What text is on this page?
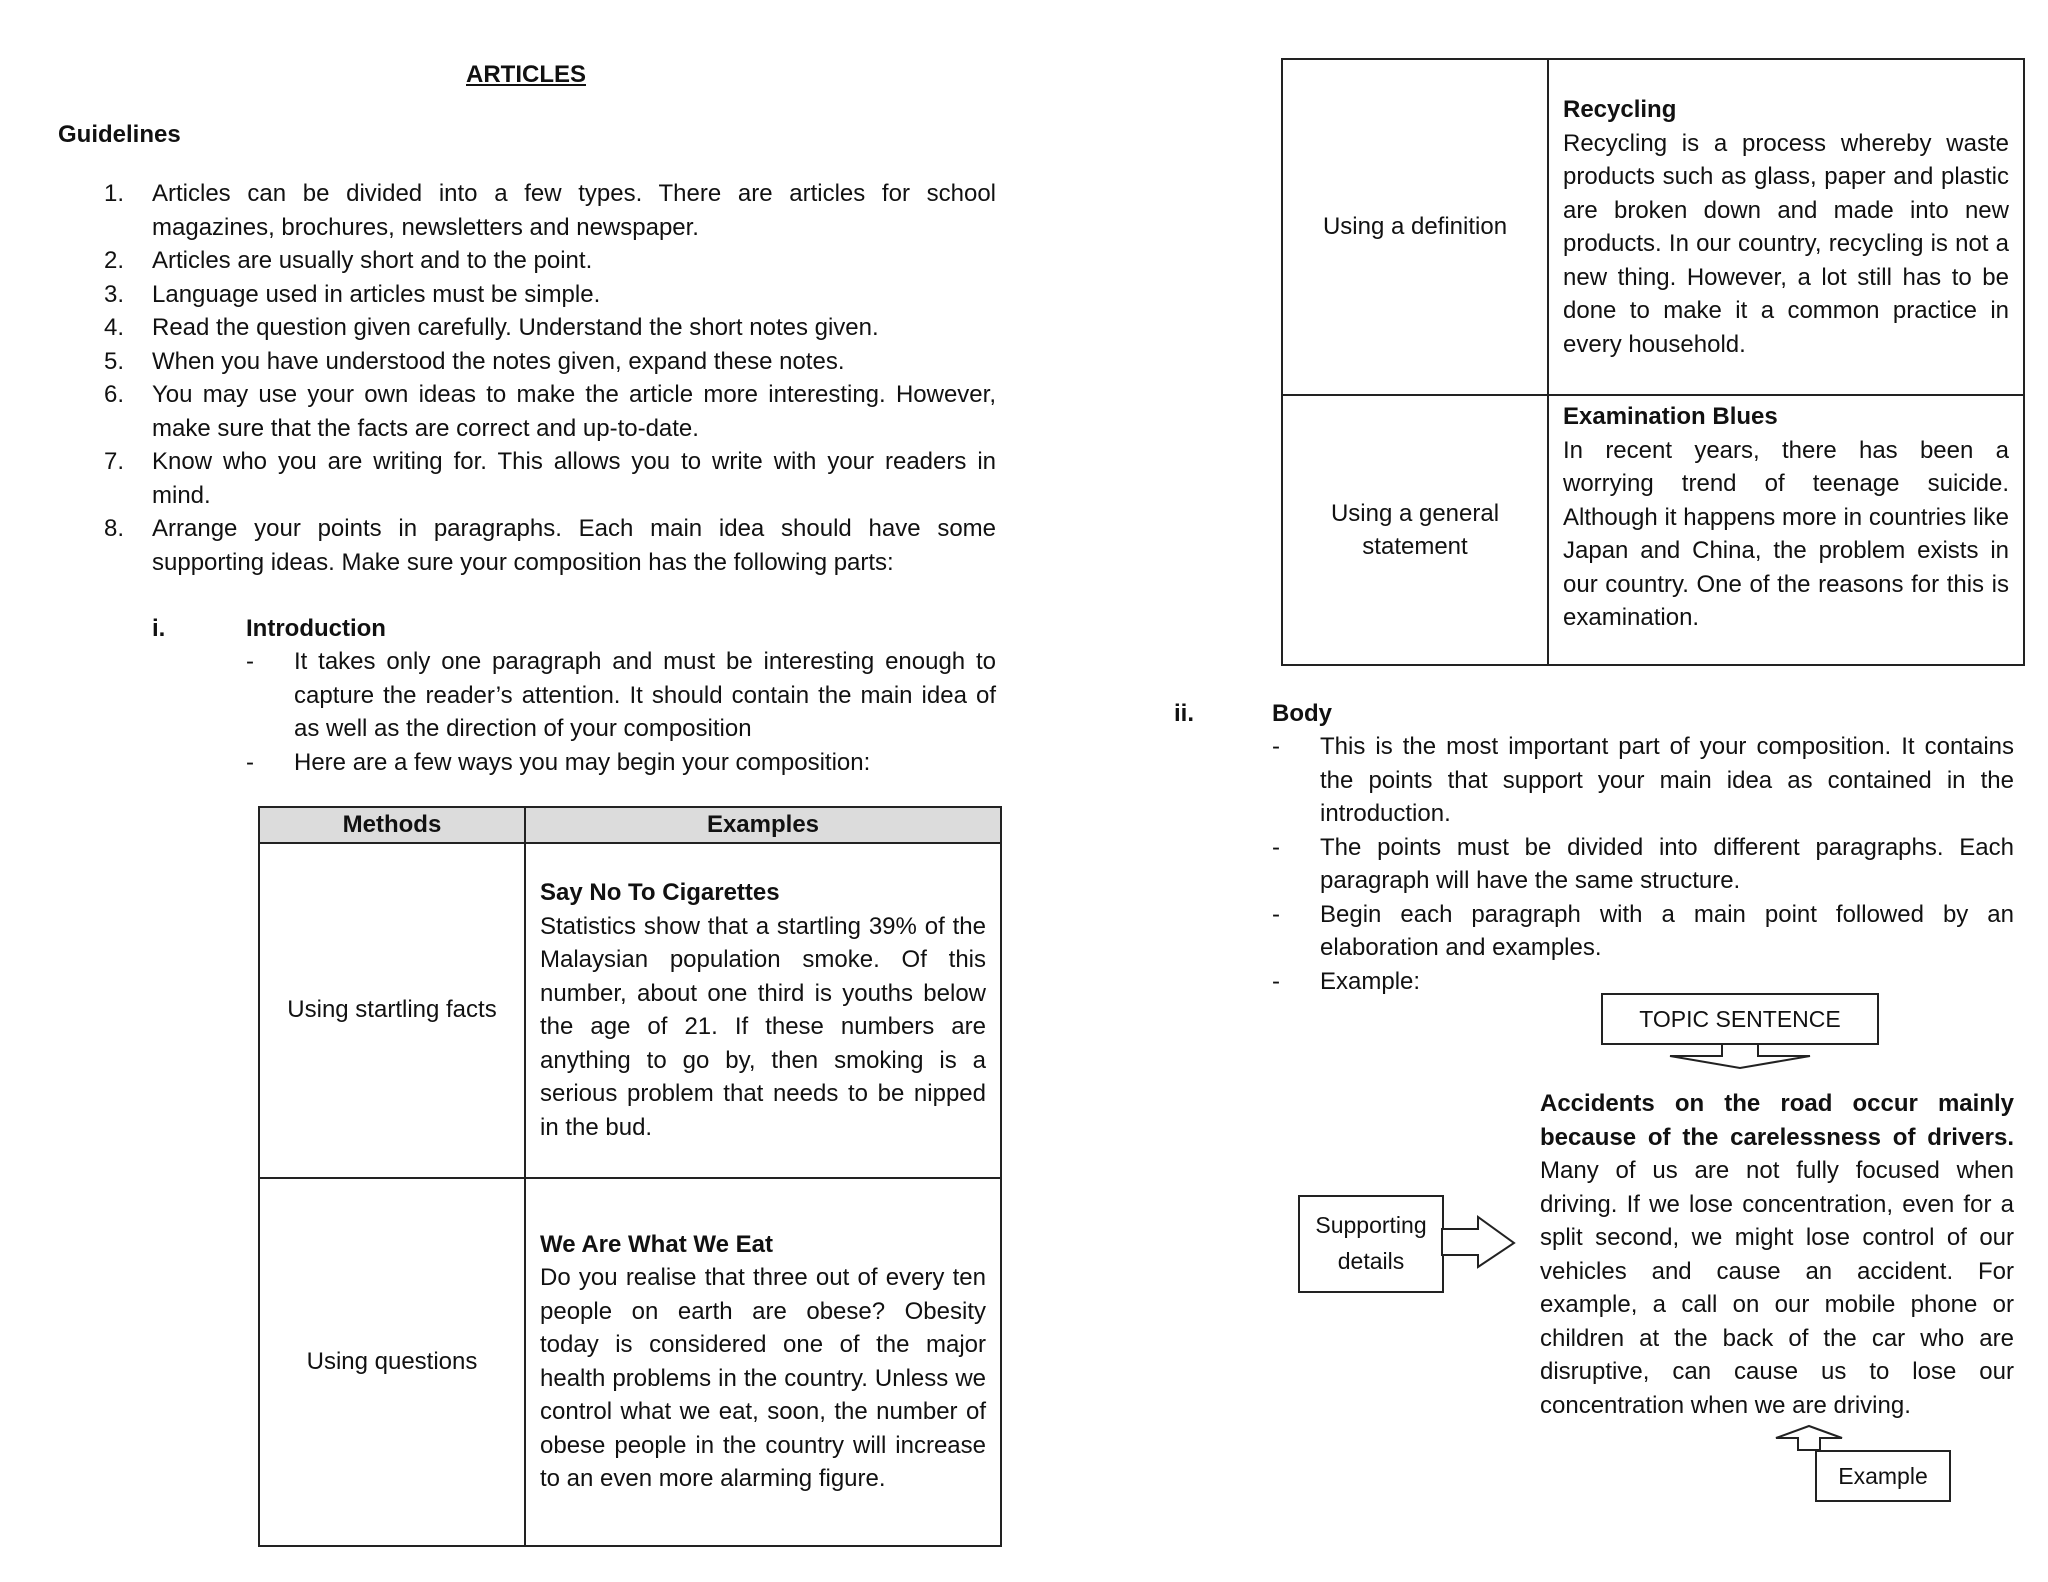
ARTICLES
Guidelines
1. Articles can be divided into a few types. There are articles for school magazines, brochures, newsletters and newspaper.
2. Articles are usually short and to the point.
3. Language used in articles must be simple.
4. Read the question given carefully. Understand the short notes given.
5. When you have understood the notes given, expand these notes.
6. You may use your own ideas to make the article more interesting. However, make sure that the facts are correct and up-to-date.
7. Know who you are writing for. This allows you to write with your readers in mind.
8. Arrange your points in paragraphs. Each main idea should have some supporting ideas. Make sure your composition has the following parts:
i.	Introduction
- It takes only one paragraph and must be interesting enough to capture the reader’s attention. It should contain the main idea of as well as the direction of your composition
- Here are a few ways you may begin your composition:
Methods	Examples
Using startling facts	Say No To Cigarettes
Statistics show that a startling 39% of the Malaysian population smoke. Of this number, about one third is youths below the age of 21. If these numbers are anything to go by, then smoking is a serious problem that needs to be nipped in the bud.
Using questions	We Are What We Eat
Do you realise that three out of every ten people on earth are obese? Obesity today is considered one of the major health problems in the country. Unless we control what we eat, soon, the number of obese people in the country will increase to an even more alarming figure.
Using a definition	Recycling
Recycling is a process whereby waste products such as glass, paper and plastic are broken down and made into new products. In our country, recycling is not a new thing. However, a lot still has to be done to make it a common practice in every household.
Using a general statement	Examination Blues
In recent years, there has been a worrying trend of teenage suicide. Although it happens more in countries like Japan and China, the problem exists in our country. One of the reasons for this is examination.
ii.	Body
- This is the most important part of your composition. It contains the points that support your main idea as contained in the introduction.
- The points must be divided into different paragraphs. Each paragraph will have the same structure.
- Begin each paragraph with a main point followed by an elaboration and examples.
- Example:
TOPIC SENTENCE
Accidents on the road occur mainly because of the carelessness of drivers. Many of us are not fully focused when driving. If we lose concentration, even for a split second, we might lose control of our vehicles and cause an accident. For example, a call on our mobile phone or children at the back of the car who are disruptive, can cause us to lose our concentration when we are driving.
Supporting
details
Example
